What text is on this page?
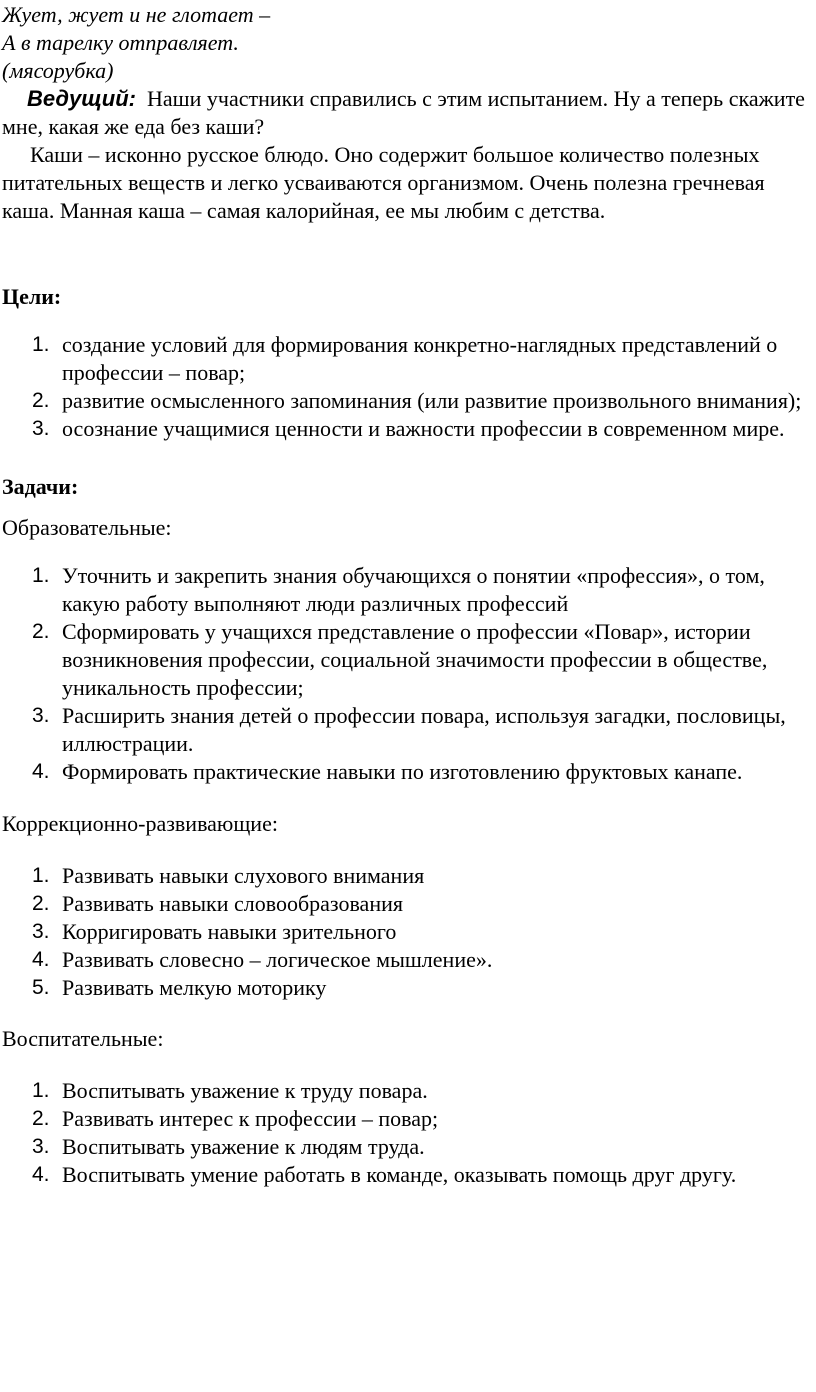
Жует, жует и не глотает –
А в тарелку отправляет.
(мясорубка)

Ведущий: Наши участники справились с этим испытанием. Ну а теперь скажите мне, какая же еда без каши?

Каши – исконно русское блюдо. Оно содержит большое количество полезных питательных веществ и легко усваиваются организмом. Очень полезна гречневая каша. Манная каша – самая калорийная, ее мы любим с детства.

Цели:

1. создание условий для формирования конкретно-наглядных представлений о профессии – повар;
2. развитие осмысленного запоминания (или развитие произвольного внимания);
3. осознание учащимися ценности и важности профессии в современном мире.

Задачи:

Образовательные:

1. Уточнить и закрепить знания обучающихся о понятии «профессия», о том, какую работу выполняют люди различных профессий
2. Сформировать у учащихся представление о профессии «Повар», истории возникновения профессии, социальной значимости профессии в обществе, уникальность профессии;
3. Расширить знания детей о профессии повара, используя загадки, пословицы, иллюстрации.
4. Формировать практические навыки по изготовлению фруктовых канапе.

Коррекционно-развивающие:

1. Развивать навыки слухового внимания
2. Развивать навыки словообразования
3. Корригировать навыки зрительного
4. Развивать словесно – логическое мышление».
5. Развивать мелкую моторику

Воспитательные:

1. Воспитывать уважение к труду повара.
2. Развивать интерес к профессии – повар;
3. Воспитывать уважение к людям труда.
4. Воспитывать умение работать в команде, оказывать помощь друг другу.
